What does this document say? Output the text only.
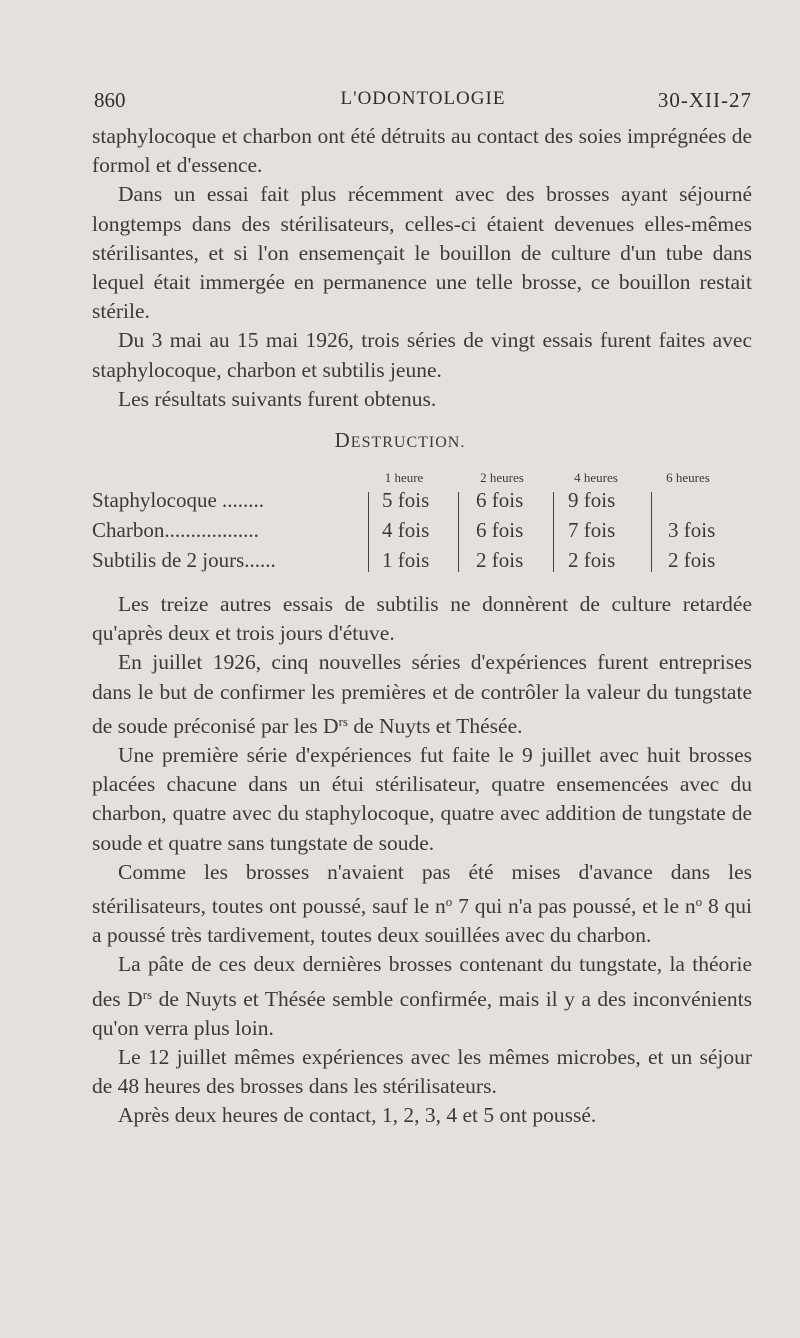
860	L'ODONTOLOGIE	30-XII-27

staphylocoque et charbon ont été détruits au contact des soies imprégnées de formol et d'essence.

Dans un essai fait plus récemment avec des brosses ayant séjourné longtemps dans des stérilisateurs, celles-ci étaient devenues elles-mêmes stérilisantes, et si l'on ensemençait le bouillon de culture d'un tube dans lequel était immergée en permanence une telle brosse, ce bouillon restait stérile.

Du 3 mai au 15 mai 1926, trois séries de vingt essais furent faites avec staphylocoque, charbon et subtilis jeune.

Les résultats suivants furent obtenus.

DESTRUCTION.
1 heure	2 heures	4 heures	6 heures
Staphylocoque ........	5 fois 6 fois 9 fois
Charbon..................	4 fois 6 fois 7 fois	3 fois
Subtilis de 2 jours......	1 fois 2 fois 2 fois	2 fois

Les treize autres essais de subtilis ne donnèrent de culture retardée qu'après deux et trois jours d'étuve.

En juillet 1926, cinq nouvelles séries d'expériences furent entreprises dans le but de confirmer les premières et de contrôler la valeur du tungstate de soude préconisé par les $D^{rs}$ de Nuyts et Thésée.

Une première série d'expériences fut faite le 9 juillet avec huit brosses placées chacune dans un étui stérilisateur, quatre ensemencées avec du charbon, quatre avec du staphylocoque, quatre avec addition de tungstate de soude et quatre sans tungstate de soude.

Comme les brosses n'avaient pas été mises d'avance dans les stérilisateurs, toutes ont poussé, sauf le $n^o$ 7 qui n'a pas poussé, et le $n^o$ 8 qui a poussé très tardivement, toutes deux souillées avec du charbon.

La pâte de ces deux dernières brosses contenant du tungstate, la théorie des $D^{rs}$ de Nuyts et Thésée semble confirmée, mais il y a des inconvénients qu'on verra plus loin.

Le 12 juillet mêmes expériences avec les mêmes microbes, et un séjour de 48 heures des brosses dans les stérilisateurs.

Après deux heures de contact, 1, 2, 3, 4 et 5 ont poussé.
